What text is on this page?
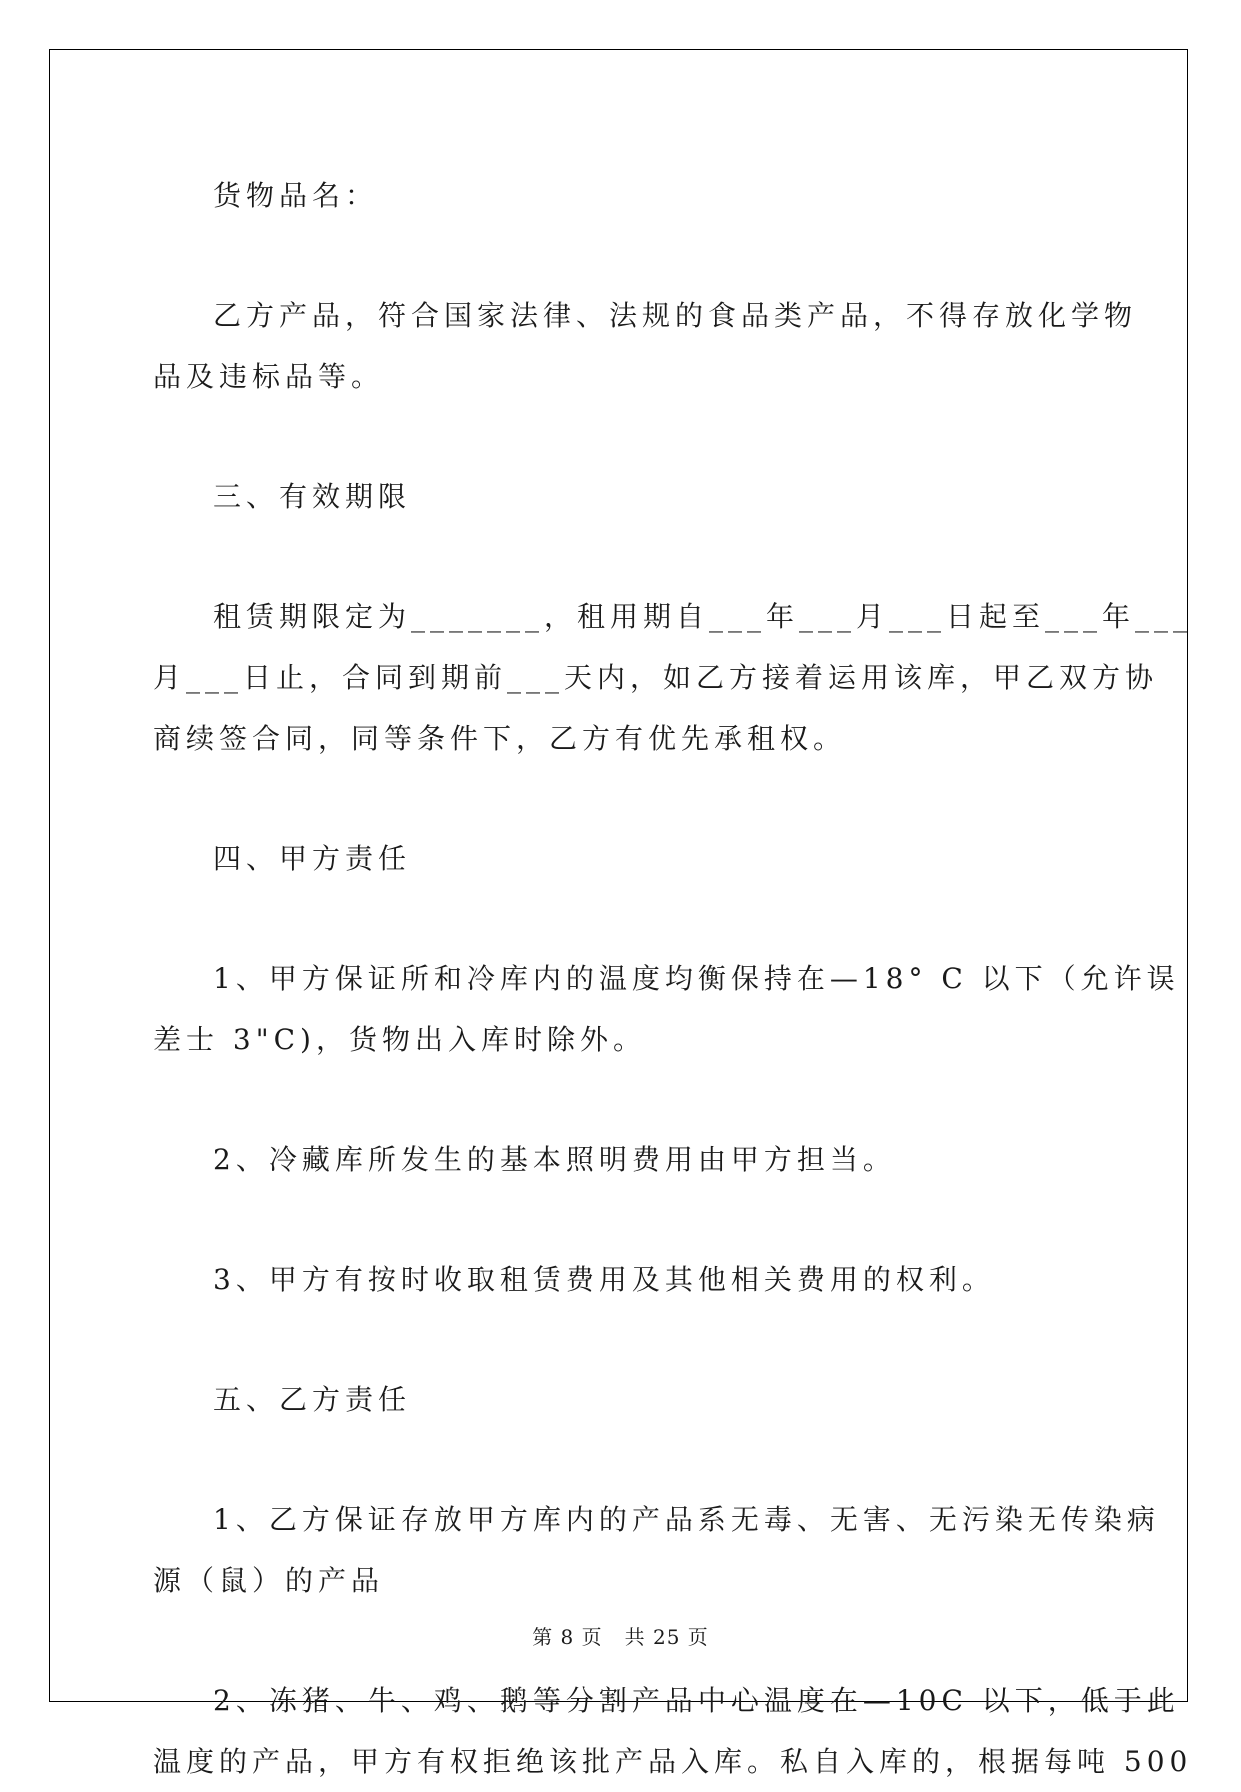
货物品名：
乙方产品，符合国家法律、法规的食品类产品，不得存放化学物
品及违标品等。
三、有效期限
租赁期限定为_______，租用期自___年___月___日起至___年___
月___日止，合同到期前___天内，如乙方接着运用该库，甲乙双方协
商续签合同，同等条件下，乙方有优先承租权。
四、甲方责任
1、甲方保证所和冷库内的温度均衡保持在—18° C 以下（允许误
差士 3"C)，货物出入库时除外。
2、冷藏库所发生的基本照明费用由甲方担当。
3、甲方有按时收取租赁费用及其他相关费用的权利。
五、乙方责任
1、乙方保证存放甲方库内的产品系无毒、无害、无污染无传染病
源（鼠）的产品
2、冻猪、牛、鸡、鹅等分割产品中心温度在—10C 以下，低于此
温度的产品，甲方有权拒绝该批产品入库。私自入库的，根据每吨 500
第 8 页 共 25 页
